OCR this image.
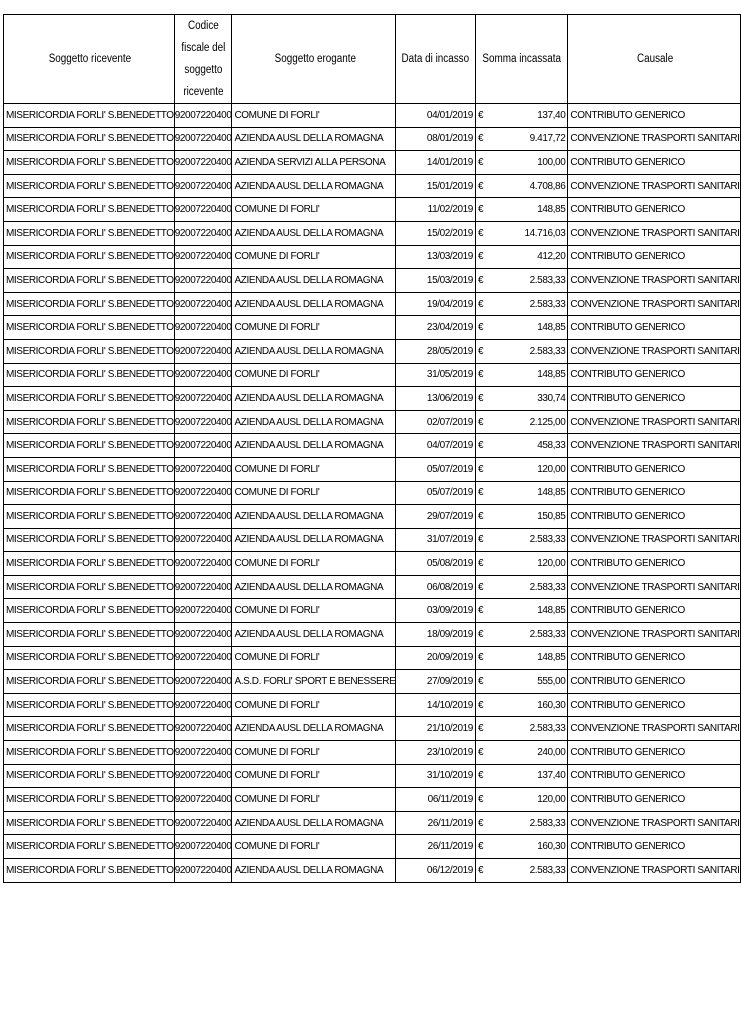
Soggetto ricevente	Codice fiscale del soggetto ricevente	Soggetto erogante	Data di incasso	Somma incassata	Causale
MISERICORDIA FORLI' S.BENEDETTO	92007220400	COMUNE DI FORLI'	04/01/2019	€ 137,40	CONTRIBUTO GENERICO
MISERICORDIA FORLI' S.BENEDETTO	92007220400	AZIENDA AUSL DELLA ROMAGNA	08/01/2019	€ 9.417,72	CONVENZIONE TRASPORTI SANITARI
MISERICORDIA FORLI' S.BENEDETTO	92007220400	AZIENDA SERVIZI ALLA PERSONA	14/01/2019	€ 100,00	CONTRIBUTO GENERICO
MISERICORDIA FORLI' S.BENEDETTO	92007220400	AZIENDA AUSL DELLA ROMAGNA	15/01/2019	€ 4.708,86	CONVENZIONE TRASPORTI SANITARI
MISERICORDIA FORLI' S.BENEDETTO	92007220400	COMUNE DI FORLI'	11/02/2019	€ 148,85	CONTRIBUTO GENERICO
MISERICORDIA FORLI' S.BENEDETTO	92007220400	AZIENDA AUSL DELLA ROMAGNA	15/02/2019	€ 14.716,03	CONVENZIONE TRASPORTI SANITARI
MISERICORDIA FORLI' S.BENEDETTO	92007220400	COMUNE DI FORLI'	13/03/2019	€ 412,20	CONTRIBUTO GENERICO
MISERICORDIA FORLI' S.BENEDETTO	92007220400	AZIENDA AUSL DELLA ROMAGNA	15/03/2019	€ 2.583,33	CONVENZIONE TRASPORTI SANITARI
MISERICORDIA FORLI' S.BENEDETTO	92007220400	AZIENDA AUSL DELLA ROMAGNA	19/04/2019	€ 2.583,33	CONVENZIONE TRASPORTI SANITARI
MISERICORDIA FORLI' S.BENEDETTO	92007220400	COMUNE DI FORLI'	23/04/2019	€ 148,85	CONTRIBUTO GENERICO
MISERICORDIA FORLI' S.BENEDETTO	92007220400	AZIENDA AUSL DELLA ROMAGNA	28/05/2019	€ 2.583,33	CONVENZIONE TRASPORTI SANITARI
MISERICORDIA FORLI' S.BENEDETTO	92007220400	COMUNE DI FORLI'	31/05/2019	€ 148,85	CONTRIBUTO GENERICO
MISERICORDIA FORLI' S.BENEDETTO	92007220400	AZIENDA AUSL DELLA ROMAGNA	13/06/2019	€ 330,74	CONTRIBUTO GENERICO
MISERICORDIA FORLI' S.BENEDETTO	92007220400	AZIENDA AUSL DELLA ROMAGNA	02/07/2019	€ 2.125,00	CONVENZIONE TRASPORTI SANITARI
MISERICORDIA FORLI' S.BENEDETTO	92007220400	AZIENDA AUSL DELLA ROMAGNA	04/07/2019	€ 458,33	CONVENZIONE TRASPORTI SANITARI
MISERICORDIA FORLI' S.BENEDETTO	92007220400	COMUNE DI FORLI'	05/07/2019	€ 120,00	CONTRIBUTO GENERICO
MISERICORDIA FORLI' S.BENEDETTO	92007220400	COMUNE DI FORLI'	05/07/2019	€ 148,85	CONTRIBUTO GENERICO
MISERICORDIA FORLI' S.BENEDETTO	92007220400	AZIENDA AUSL DELLA ROMAGNA	29/07/2019	€ 150,85	CONTRIBUTO GENERICO
MISERICORDIA FORLI' S.BENEDETTO	92007220400	AZIENDA AUSL DELLA ROMAGNA	31/07/2019	€ 2.583,33	CONVENZIONE TRASPORTI SANITARI
MISERICORDIA FORLI' S.BENEDETTO	92007220400	COMUNE DI FORLI'	05/08/2019	€ 120,00	CONTRIBUTO GENERICO
MISERICORDIA FORLI' S.BENEDETTO	92007220400	AZIENDA AUSL DELLA ROMAGNA	06/08/2019	€ 2.583,33	CONVENZIONE TRASPORTI SANITARI
MISERICORDIA FORLI' S.BENEDETTO	92007220400	COMUNE DI FORLI'	03/09/2019	€ 148,85	CONTRIBUTO GENERICO
MISERICORDIA FORLI' S.BENEDETTO	92007220400	AZIENDA AUSL DELLA ROMAGNA	18/09/2019	€ 2.583,33	CONVENZIONE TRASPORTI SANITARI
MISERICORDIA FORLI' S.BENEDETTO	92007220400	COMUNE DI FORLI'	20/09/2019	€ 148,85	CONTRIBUTO GENERICO
MISERICORDIA FORLI' S.BENEDETTO	92007220400	A.S.D. FORLI' SPORT E BENESSERE	27/09/2019	€ 555,00	CONTRIBUTO GENERICO
MISERICORDIA FORLI' S.BENEDETTO	92007220400	COMUNE DI FORLI'	14/10/2019	€ 160,30	CONTRIBUTO GENERICO
MISERICORDIA FORLI' S.BENEDETTO	92007220400	AZIENDA AUSL DELLA ROMAGNA	21/10/2019	€ 2.583,33	CONVENZIONE TRASPORTI SANITARI
MISERICORDIA FORLI' S.BENEDETTO	92007220400	COMUNE DI FORLI'	23/10/2019	€ 240,00	CONTRIBUTO GENERICO
MISERICORDIA FORLI' S.BENEDETTO	92007220400	COMUNE DI FORLI'	31/10/2019	€ 137,40	CONTRIBUTO GENERICO
MISERICORDIA FORLI' S.BENEDETTO	92007220400	COMUNE DI FORLI'	06/11/2019	€ 120,00	CONTRIBUTO GENERICO
MISERICORDIA FORLI' S.BENEDETTO	92007220400	AZIENDA AUSL DELLA ROMAGNA	26/11/2019	€ 2.583,33	CONVENZIONE TRASPORTI SANITARI
MISERICORDIA FORLI' S.BENEDETTO	92007220400	COMUNE DI FORLI'	26/11/2019	€ 160,30	CONTRIBUTO GENERICO
MISERICORDIA FORLI' S.BENEDETTO	92007220400	AZIENDA AUSL DELLA ROMAGNA	06/12/2019	€ 2.583,33	CONVENZIONE TRASPORTI SANITARI
